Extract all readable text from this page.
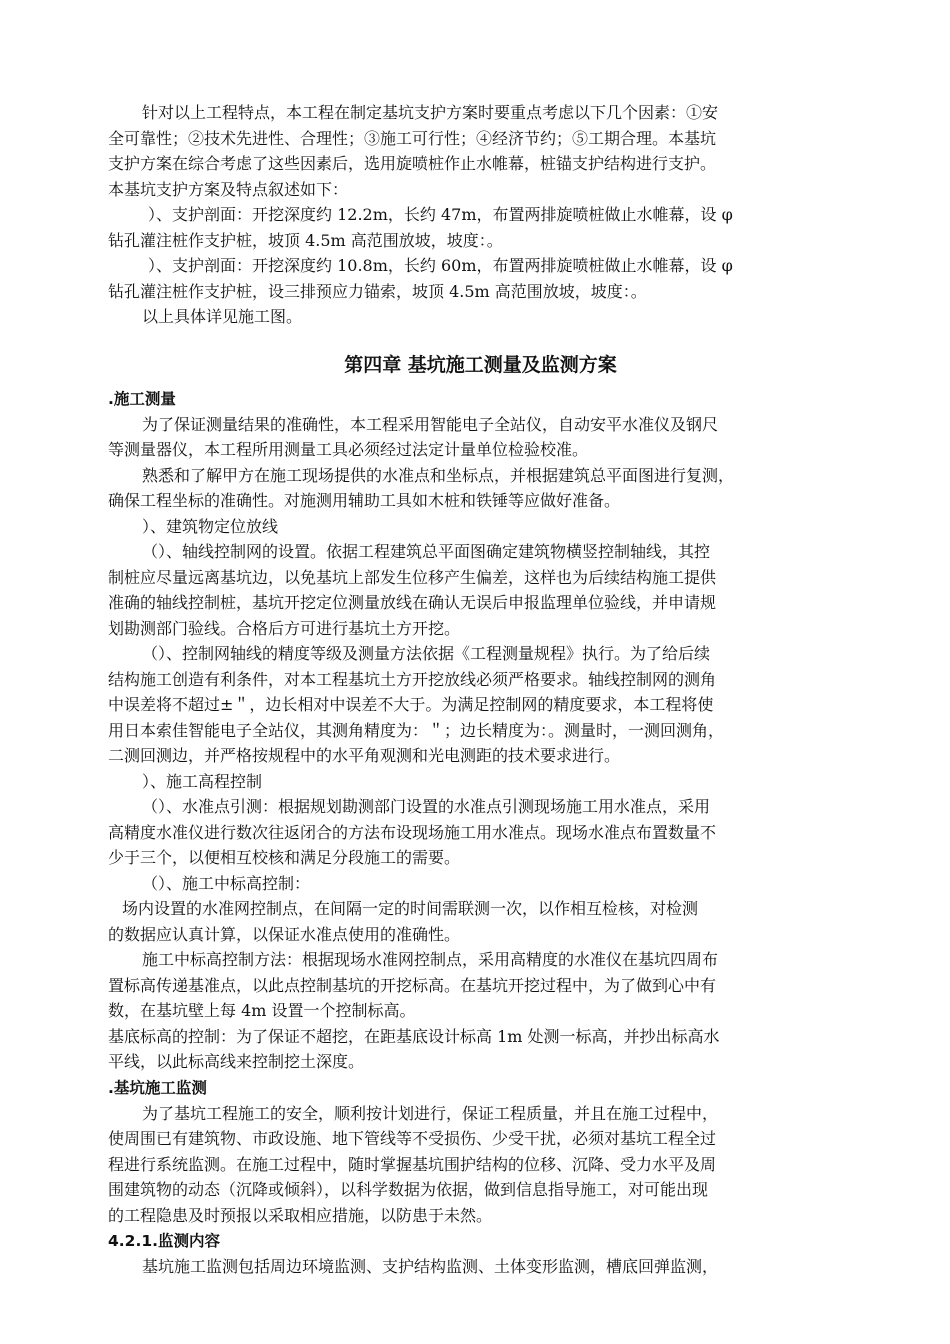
针对以上工程特点，本工程在制定基坑支护方案时要重点考虑以下几个因素：①安

全可靠性；②技术先进性、合理性；③施工可行性；④经济节约；⑤工期合理。本基坑

支护方案在综合考虑了这些因素后，选用旋喷桩作止水帷幕，桩锚支护结构进行支护。

本基坑支护方案及特点叙述如下：

）、支护剖面：开挖深度约 12.2m，长约 47m，布置两排旋喷桩做止水帷幕，设 φ

钻孔灌注桩作支护桩，坡顶 4.5m 高范围放坡，坡度：。

）、支护剖面：开挖深度约 10.8m，长约 60m，布置两排旋喷桩做止水帷幕，设 φ

钻孔灌注桩作支护桩，设三排预应力锚索，坡顶 4.5m 高范围放坡，坡度：。

以上具体详见施工图。

第四章 基坑施工测量及监测方案
.施工测量

为了保证测量结果的准确性，本工程采用智能电子全站仪，自动安平水准仪及钢尺

等测量器仪，本工程所用测量工具必须经过法定计量单位检验校准。

熟悉和了解甲方在施工现场提供的水准点和坐标点，并根据建筑总平面图进行复测，

确保工程坐标的准确性。对施测用辅助工具如木桩和铁锤等应做好准备。

）、建筑物定位放线

（）、轴线控制网的设置。依据工程建筑总平面图确定建筑物横竖控制轴线，其控

制桩应尽量远离基坑边，以免基坑上部发生位移产生偏差，这样也为后续结构施工提供

准确的轴线控制桩，基坑开挖定位测量放线在确认无误后申报监理单位验线，并申请规

划勘测部门验线。合格后方可进行基坑土方开挖。

（）、控制网轴线的精度等级及测量方法依据《工程测量规程》执行。为了给后续

结构施工创造有利条件，对本工程基坑土方开挖放线必须严格要求。轴线控制网的测角

中误差将不超过±＂，边长相对中误差不大于。为满足控制网的精度要求，本工程将使

用日本索佳智能电子全站仪，其测角精度为：＂；边长精度为：。测量时，一测回测角，

二测回测边，并严格按规程中的水平角观测和光电测距的技术要求进行。

）、施工高程控制

（）、水准点引测：根据规划勘测部门设置的水准点引测现场施工用水准点，采用

高精度水准仪进行数次往返闭合的方法布设现场施工用水准点。现场水准点布置数量不

少于三个，以便相互校核和满足分段施工的需要。

（）、施工中标高控制：

场内设置的水准网控制点，在间隔一定的时间需联测一次，以作相互检核，对检测

的数据应认真计算，以保证水准点使用的准确性。

施工中标高控制方法：根据现场水准网控制点，采用高精度的水准仪在基坑四周布

置标高传递基准点，以此点控制基坑的开挖标高。在基坑开挖过程中，为了做到心中有

数，在基坑壁上每 4m 设置一个控制标高。

基底标高的控制：为了保证不超挖，在距基底设计标高 1m 处测一标高，并抄出标高水

平线，以此标高线来控制挖土深度。

.基坑施工监测

为了基坑工程施工的安全，顺利按计划进行，保证工程质量，并且在施工过程中，

使周围已有建筑物、市政设施、地下管线等不受损伤、少受干扰，必须对基坑工程全过

程进行系统监测。在施工过程中，随时掌握基坑围护结构的位移、沉降、受力水平及周

围建筑物的动态（沉降或倾斜），以科学数据为依据，做到信息指导施工，对可能出现

的工程隐患及时预报以采取相应措施，以防患于未然。

4.2.1.监测内容

基坑施工监测包括周边环境监测、支护结构监测、土体变形监测，槽底回弹监测，
